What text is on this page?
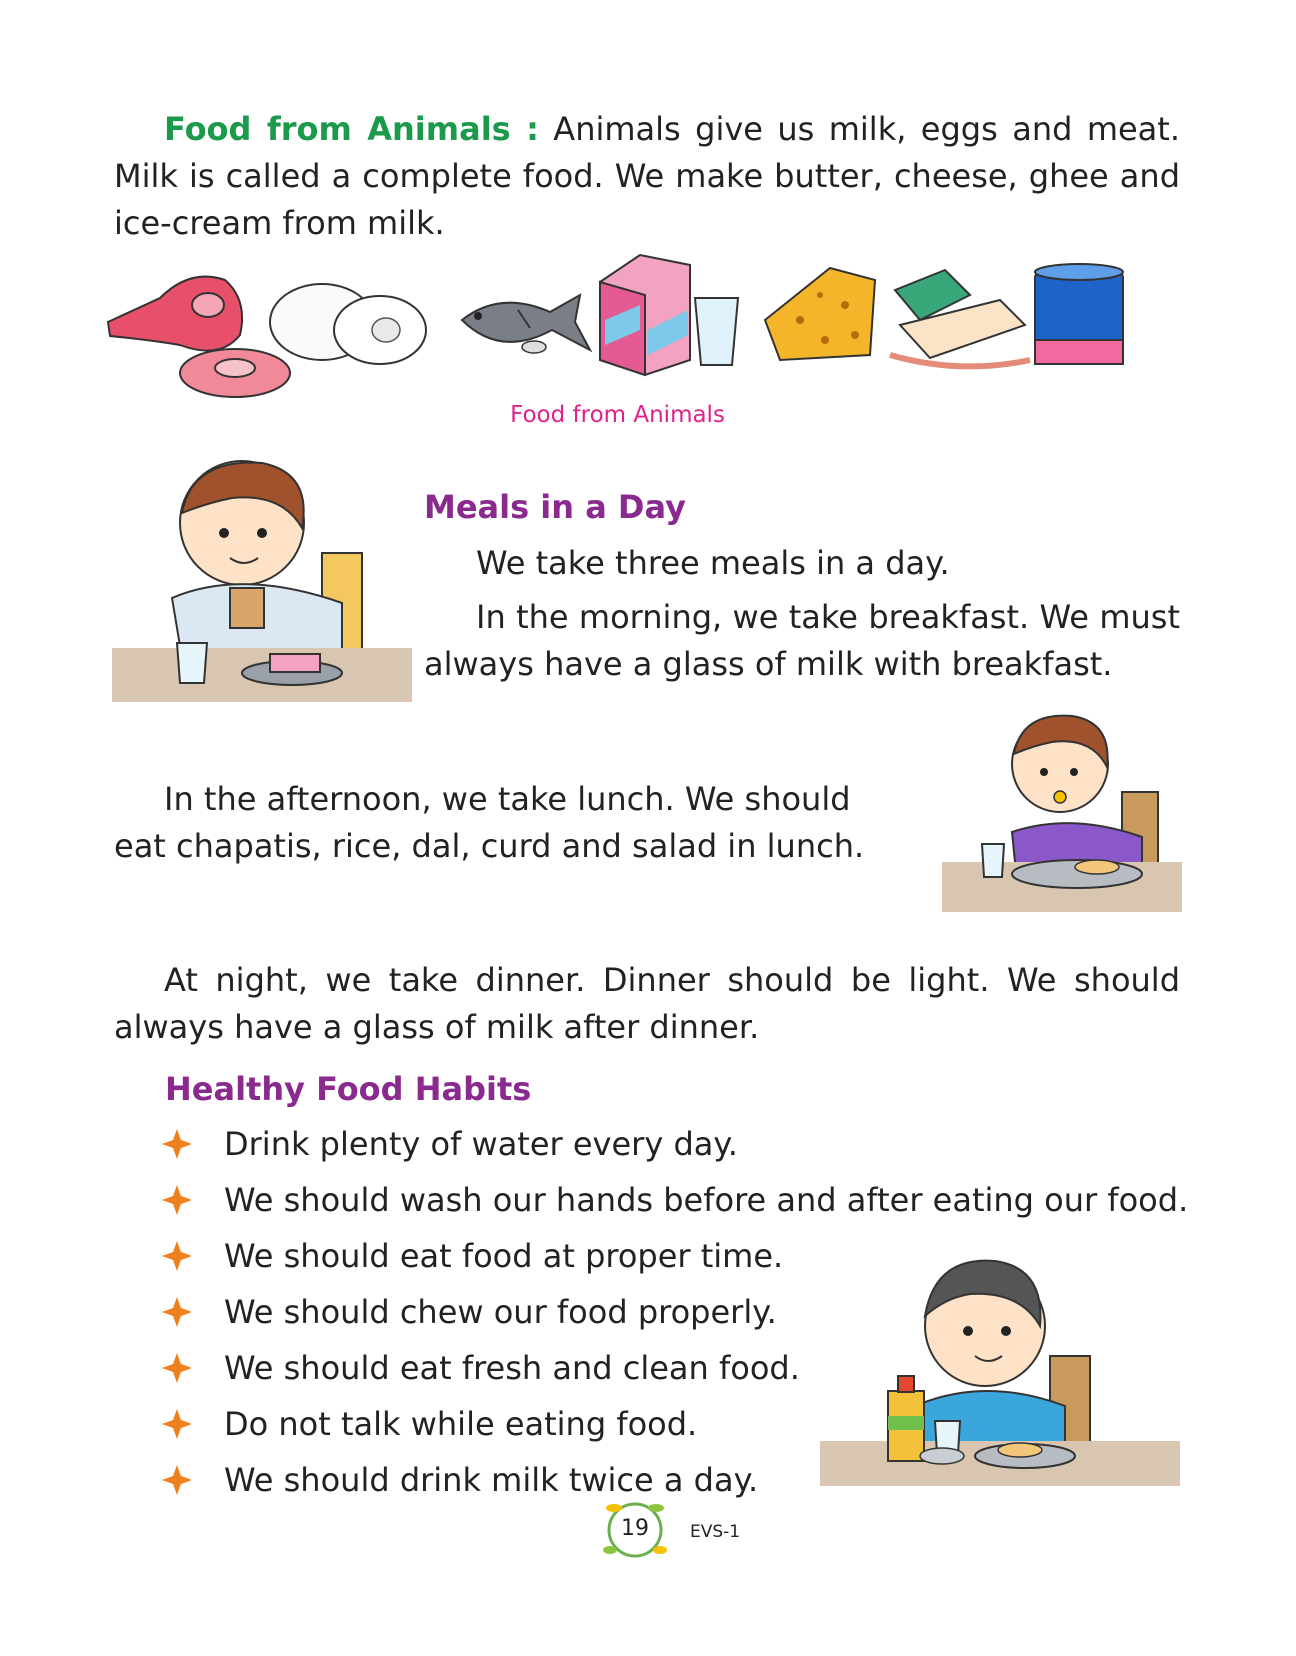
Food from Animals : Animals give us milk, eggs and meat. Milk is called a complete food. We make butter, cheese, ghee and ice-cream from milk.

Food from Animals
Meals in a Day

We take three meals in a day.

In the morning, we take breakfast. We must always have a glass of milk with breakfast.

In the afternoon, we take lunch. We should eat chapatis, rice, dal, curd and salad in lunch.

At night, we take dinner. Dinner should be light. We should always have a glass of milk after dinner.

Healthy Food Habits
Drink plenty of water every day.
We should wash our hands before and after eating our food.
We should eat food at proper time.
We should chew our food properly.
We should eat fresh and clean food.
Do not talk while eating food.
We should drink milk twice a day.
19	EVS-1
